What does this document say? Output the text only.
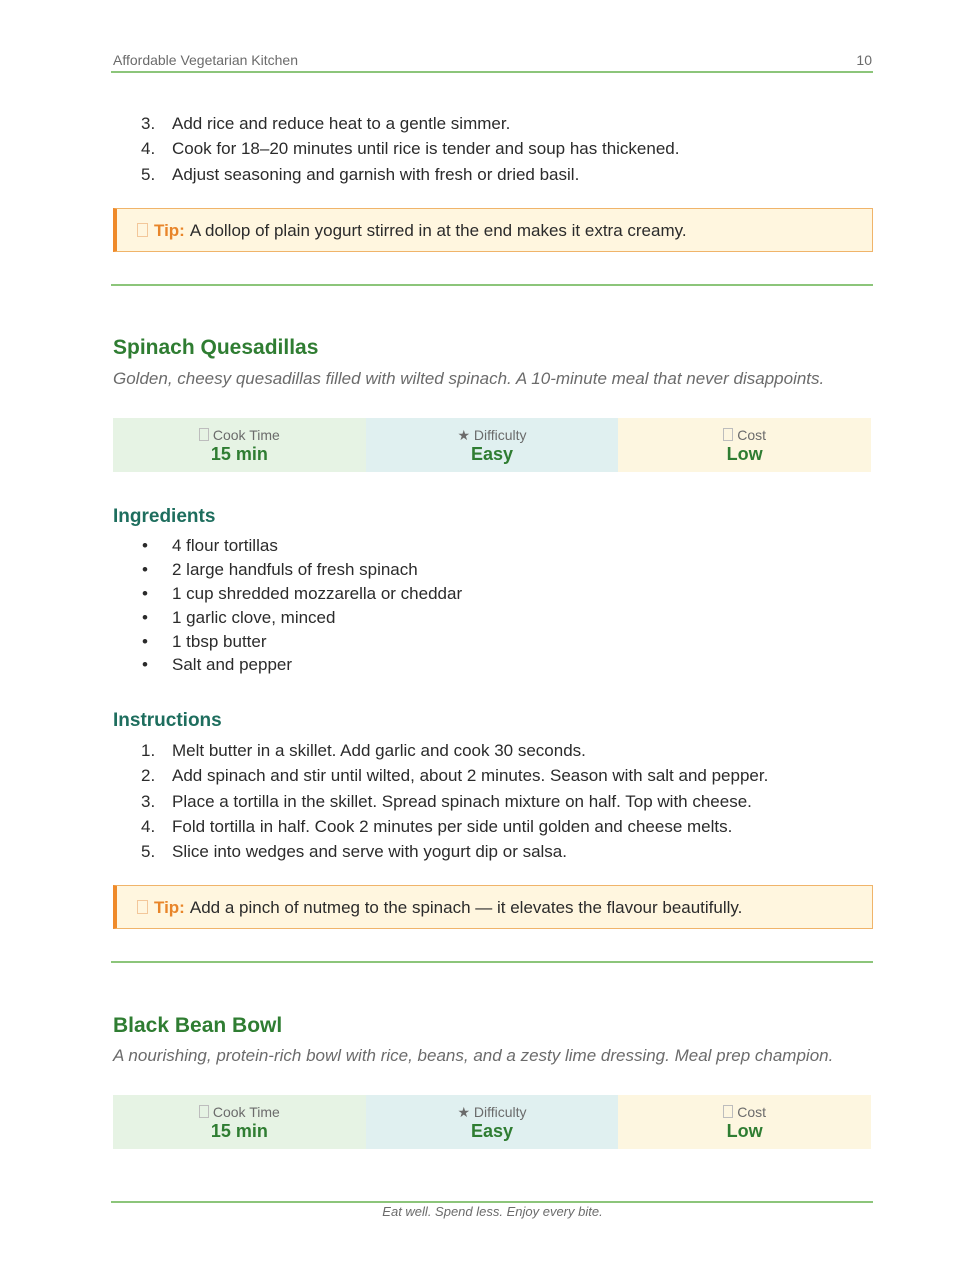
Affordable Vegetarian Kitchen	10
3. Add rice and reduce heat to a gentle simmer.
4. Cook for 18–20 minutes until rice is tender and soup has thickened.
5. Adjust seasoning and garnish with fresh or dried basil.
Tip: A dollop of plain yogurt stirred in at the end makes it extra creamy.
Spinach Quesadillas
Golden, cheesy quesadillas filled with wilted spinach. A 10-minute meal that never disappoints.
Cook Time
15 min
★ Difficulty
Easy
Cost
Low
Ingredients
• 4 flour tortillas
• 2 large handfuls of fresh spinach
• 1 cup shredded mozzarella or cheddar
• 1 garlic clove, minced
• 1 tbsp butter
• Salt and pepper
Instructions
1. Melt butter in a skillet. Add garlic and cook 30 seconds.
2. Add spinach and stir until wilted, about 2 minutes. Season with salt and pepper.
3. Place a tortilla in the skillet. Spread spinach mixture on half. Top with cheese.
4. Fold tortilla in half. Cook 2 minutes per side until golden and cheese melts.
5. Slice into wedges and serve with yogurt dip or salsa.
Tip: Add a pinch of nutmeg to the spinach — it elevates the flavour beautifully.
Black Bean Bowl
A nourishing, protein-rich bowl with rice, beans, and a zesty lime dressing. Meal prep champion.
Cook Time
15 min
★ Difficulty
Easy
Cost
Low
Eat well. Spend less. Enjoy every bite.
